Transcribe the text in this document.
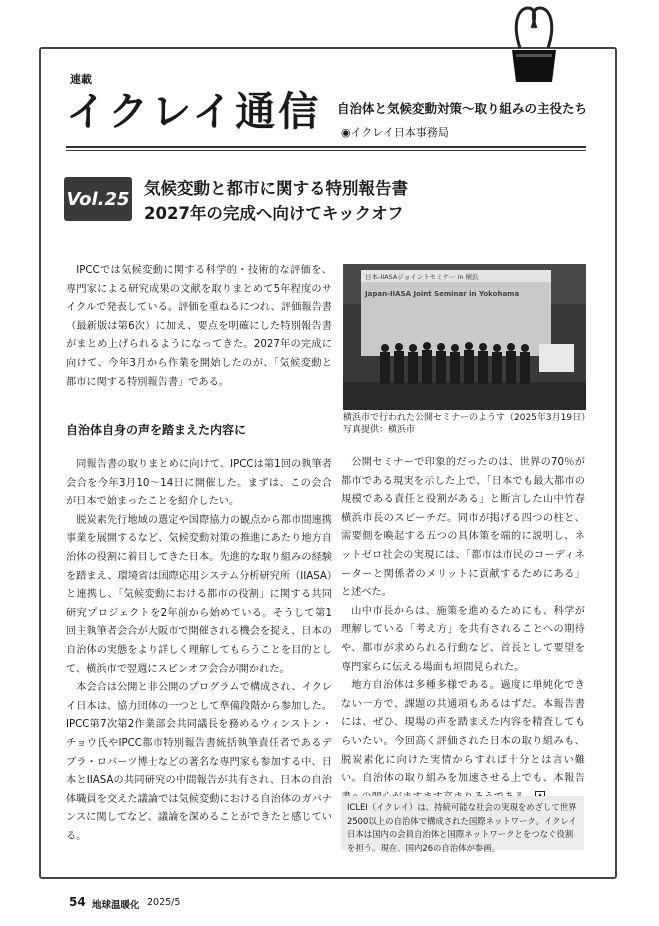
連載
イクレイ通信 自治体と気候変動対策〜取り組みの主役たち
◉イクレイ日本事務局
Vol.25 気候変動と都市に関する特別報告書
2027年の完成へ向けてキックオフ

IPCCでは気候変動に関する科学的・技術的な評価を、専門家による研究成果の文献を取りまとめて5年程度のサイクルで発表している。評価を重ねるにつれ、評価報告書（最新版は第6次）に加え、要点を明確にした特別報告書がまとめ上げられるようになってきた。2027年の完成に向けて、今年3月から作業を開始したのが、「気候変動と都市に関する特別報告書」である。

自治体自身の声を踏まえた内容に

同報告書の取りまとめに向けて、IPCCは第1回の執筆者会合を今年3月10〜14日に開催した。まずは、この会合が日本で始まったことを紹介したい。

脱炭素先行地域の選定や国際協力の観点から都市間連携事業を展開するなど、気候変動対策の推進にあたり地方自治体の役割に着目してきた日本。先進的な取り組みの経験を踏まえ、環境省は国際応用システム分析研究所（IIASA）と連携し、「気候変動における都市の役割」に関する共同研究プロジェクトを2年前から始めている。そうして第1回主執筆者会合が大阪市で開催される機会を捉え、日本の自治体の実態をより詳しく理解してもらうことを目的として、横浜市で翌週にスピンオフ会合が開かれた。

本会合は公開と非公開のプログラムで構成され、イクレイ日本は、協力団体の一つとして準備段階から参加した。IPCC第7次第2作業部会共同議長を務めるウィンストン・チョウ氏やIPCC都市特別報告書統括執筆責任者であるデブラ・ロバーツ博士などの著名な専門家も参加する中、日本とIIASAの共同研究の中間報告が共有され、日本の自治体職員を交えた議論では気候変動における自治体のガバナンスに関してなど、議論を深めることができたと感じている。

日本-IIASAジョイントセミナー in 横浜
Japan-IIASA Joint Seminar in Yokohama
横浜市で行われた公開セミナーのようす（2025年3月19日）
写真提供：横浜市

公開セミナーで印象的だったのは、世界の70％が都市である現実を示した上で、「日本でも最大都市の規模である責任と役割がある」と断言した山中竹春横浜市長のスピーチだ。同市が掲げる四つの柱と、需要側を喚起する五つの具体策を端的に説明し、ネットゼロ社会の実現には、「都市は市民のコーディネーターと関係者のメリットに貢献するためにある」と述べた。

山中市長からは、施策を進めるためにも、科学が理解している「考え方」を共有されることへの期待や、都市が求められる行動など、首長として要望を専門家らに伝える場面も垣間見られた。

地方自治体は多種多様である。過度に単純化できない一方で、課題の共通項もあるはずだ。本報告書には、ぜひ、現場の声を踏まえた内容を精査してもらいたい。今回高く評価された日本の取り組みも、脱炭素化に向けた実情からすれば十分とは言い難い。自治体の取り組みを加速させる上でも、本報告

ICLEI（イクレイ）は、持続可能な社会の実現をめざして世界2500以上の自治体で構成された国際ネットワーク。イクレイ日本は国内の会員自治体と国際ネットワークとをつなぐ役割を担う。現在、国内26の自治体が参画。
54 地球温暖化 2025/5
